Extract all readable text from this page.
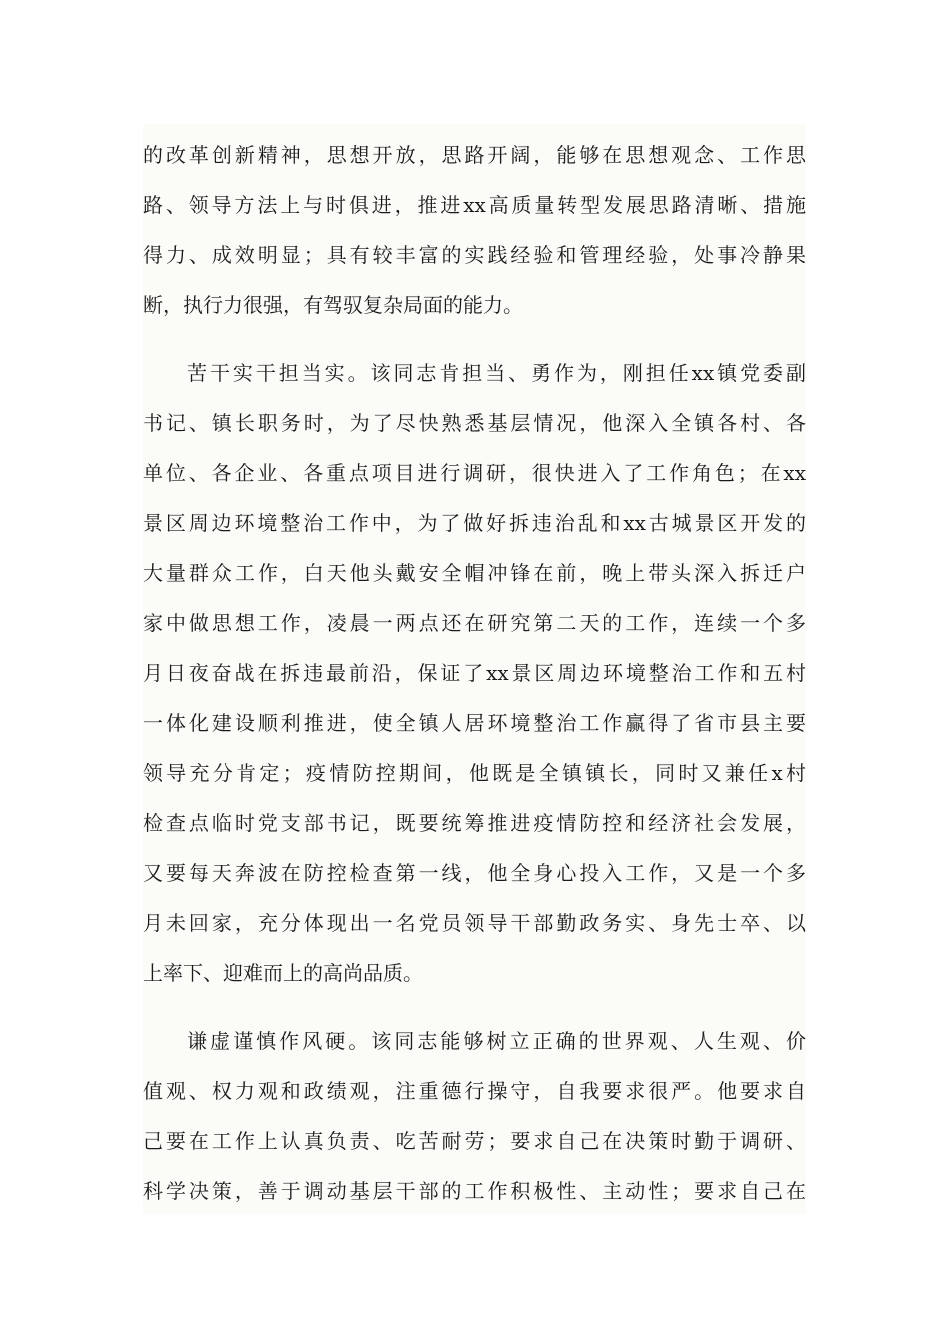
的改革创新精神，思想开放，思路开阔，能够在思想观念、工作思
路、领导方法上与时俱进，推进xx高质量转型发展思路清晰、措施
得力、成效明显；具有较丰富的实践经验和管理经验，处事冷静果
断，执行力很强，有驾驭复杂局面的能力。
苦干实干担当实。该同志肯担当、勇作为，刚担任xx镇党委副
书记、镇长职务时，为了尽快熟悉基层情况，他深入全镇各村、各
单位、各企业、各重点项目进行调研，很快进入了工作角色；在xx
景区周边环境整治工作中，为了做好拆违治乱和xx古城景区开发的
大量群众工作，白天他头戴安全帽冲锋在前，晚上带头深入拆迁户
家中做思想工作，凌晨一两点还在研究第二天的工作，连续一个多
月日夜奋战在拆违最前沿，保证了xx景区周边环境整治工作和五村
一体化建设顺利推进，使全镇人居环境整治工作赢得了省市县主要
领导充分肯定；疫情防控期间，他既是全镇镇长，同时又兼任x村
检查点临时党支部书记，既要统筹推进疫情防控和经济社会发展，
又要每天奔波在防控检查第一线，他全身心投入工作，又是一个多
月未回家，充分体现出一名党员领导干部勤政务实、身先士卒、以
上率下、迎难而上的高尚品质。
谦虚谨慎作风硬。该同志能够树立正确的世界观、人生观、价
值观、权力观和政绩观，注重德行操守，自我要求很严。他要求自
己要在工作上认真负责、吃苦耐劳；要求自己在决策时勤于调研、
科学决策，善于调动基层干部的工作积极性、主动性；要求自己在
